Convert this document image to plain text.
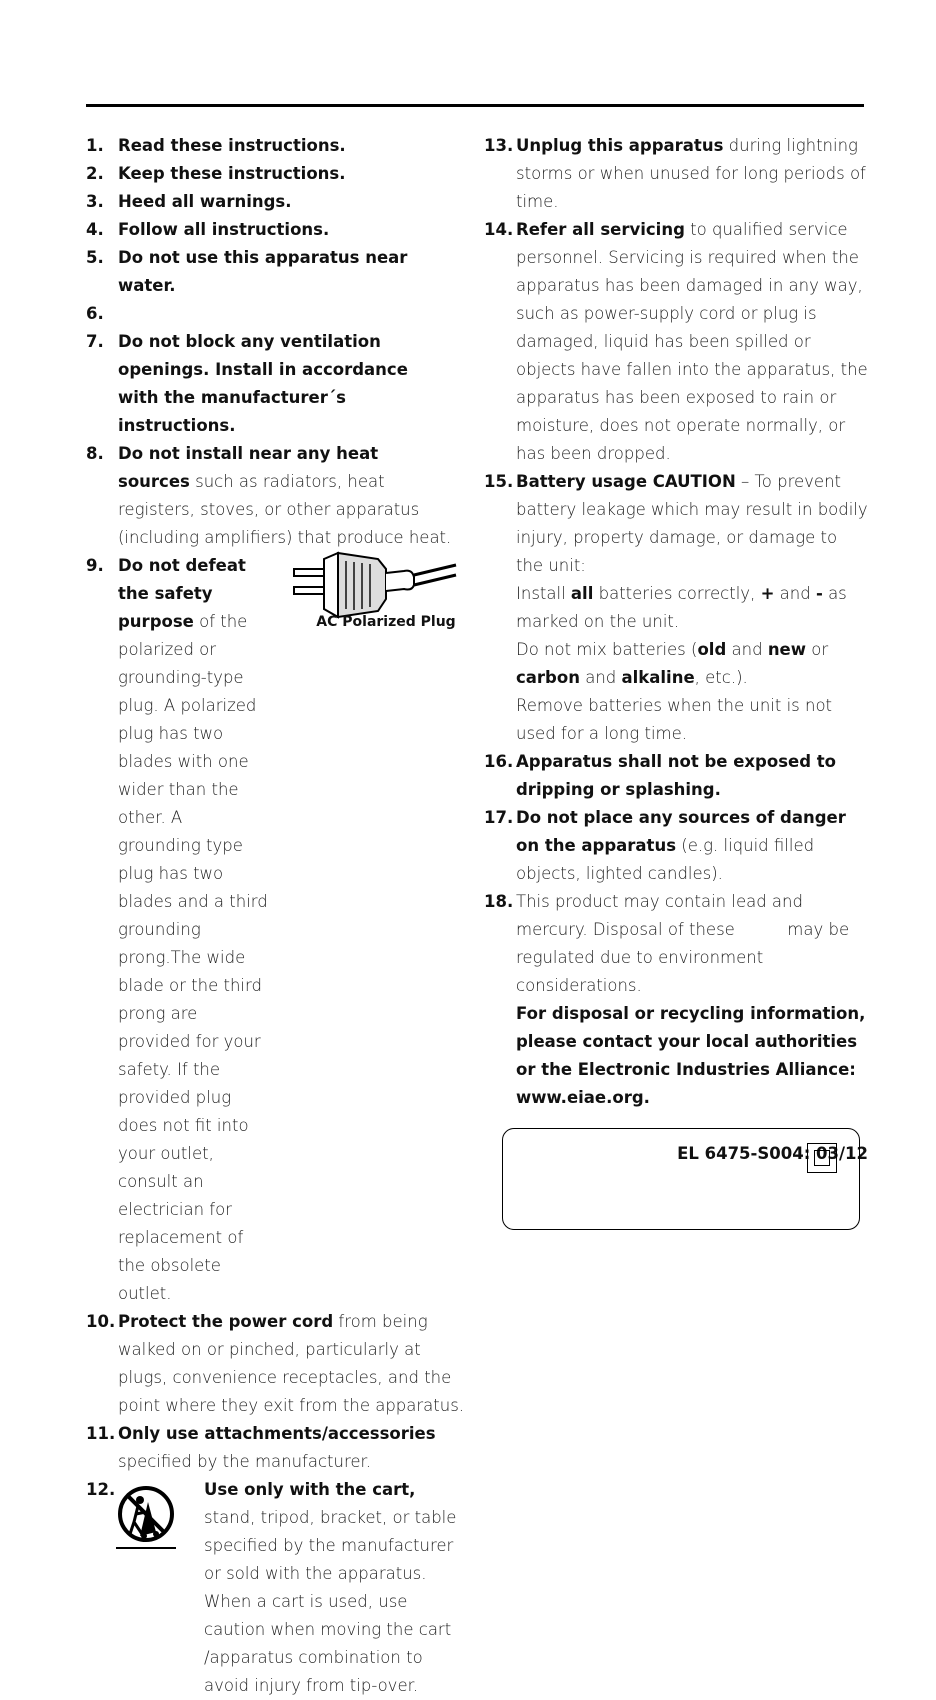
1. Read these instructions.
2. Keep these instructions.
3. Heed all warnings.
4. Follow all instructions.
5. Do not use this apparatus near water.
6.
7. Do not block any ventilation openings. Install in accordance with the manufacturer´s instructions.
8. Do not install near any heat sources such as radiators, heat registers, stoves, or other apparatus (including amplifiers) that produce heat.
9.
AC Polarized Plug
Do not defeat the safety purpose of the polarized or grounding-type plug. A polarized plug has two blades with one wider than the other. A grounding type plug has two blades and a third grounding prong.The wide blade or the third prong are provided for your safety. If the provided plug does not fit into your outlet, consult an electrician for replacement of the obsolete outlet.
10. Protect the power cord from being walked on or pinched, particularly at plugs, convenience receptacles, and the point where they exit from the apparatus.
11. Only use attachments/accessories specified by the manufacturer.
12.	Use only with the cart, stand, tripod, bracket, or table specified by the manufacturer or sold with the apparatus. When a cart is used, use caution when moving the cart /apparatus combination to avoid injury from tip-over.
13. Unplug this apparatus during lightning storms or when unused for long periods of time.
14. Refer all servicing to qualified service personnel. Servicing is required when the apparatus has been damaged in any way, such as power-supply cord or plug is damaged, liquid has been spilled or objects have fallen into the apparatus, the apparatus has been exposed to rain or moisture, does not operate normally, or has been dropped.
15. Battery usage CAUTION – To prevent battery leakage which may result in bodily injury, property damage, or damage to the unit:
Install all batteries correctly, + and - as marked on the unit.
Do not mix batteries (old and new or carbon and alkaline, etc.).
Remove batteries when the unit is not used for a long time.
16. Apparatus shall not be exposed to dripping or splashing.
17. Do not place any sources of danger on the apparatus (e.g. liquid filled objects, lighted candles).
18. This product may contain lead and mercury. Disposal of these          may be regulated due to environment considerations.
For disposal or recycling information, please contact your local authorities or the Electronic Industries Alliance: www.eiae.org.
EL 6475-S004: 03/12
